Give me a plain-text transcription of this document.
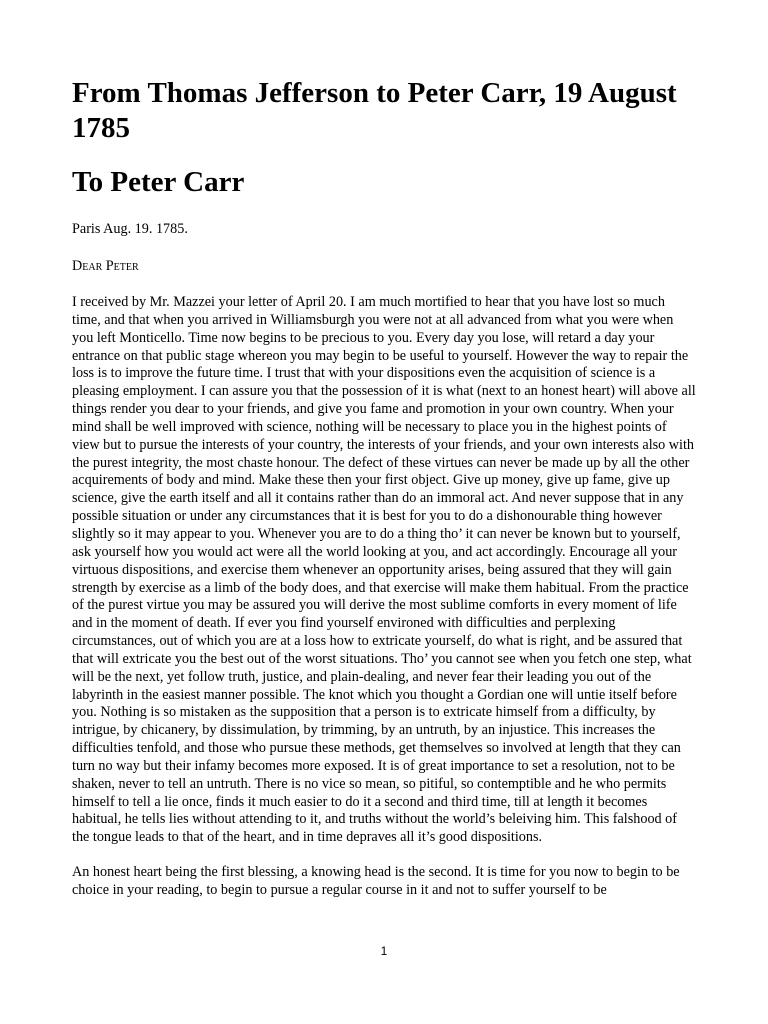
From Thomas Jefferson to Peter Carr, 19 August 1785
To Peter Carr

Paris Aug. 19. 1785.

Dear Peter

I received by Mr. Mazzei your letter of April 20. I am much mortified to hear that you have lost so much time, and that when you arrived in Williamsburgh you were not at all advanced from what you were when you left Monticello. Time now begins to be precious to you. Every day you lose, will retard a day your entrance on that public stage whereon you may begin to be useful to yourself. However the way to repair the loss is to improve the future time. I trust that with your dispositions even the acquisition of science is a pleasing employment. I can assure you that the possession of it is what (next to an honest heart) will above all things render you dear to your friends, and give you fame and promotion in your own country. When your mind shall be well improved with science, nothing will be necessary to place you in the highest points of view but to pursue the interests of your country, the interests of your friends, and your own interests also with the purest integrity, the most chaste honour. The defect of these virtues can never be made up by all the other acquirements of body and mind. Make these then your first object. Give up money, give up fame, give up science, give the earth itself and all it contains rather than do an immoral act. And never suppose that in any possible situation or under any circumstances that it is best for you to do a dishonourable thing however slightly so it may appear to you. Whenever you are to do a thing tho’ it can never be known but to yourself, ask yourself how you would act were all the world looking at you, and act accordingly. Encourage all your virtuous dispositions, and exercise them whenever an opportunity arises, being assured that they will gain strength by exercise as a limb of the body does, and that exercise will make them habitual. From the practice of the purest virtue you may be assured you will derive the most sublime comforts in every moment of life and in the moment of death. If ever you find yourself environed with difficulties and perplexing circumstances, out of which you are at a loss how to extricate yourself, do what is right, and be assured that that will extricate you the best out of the worst situations. Tho’ you cannot see when you fetch one step, what will be the next, yet follow truth, justice, and plain-dealing, and never fear their leading you out of the labyrinth in the easiest manner possible. The knot which you thought a Gordian one will untie itself before you. Nothing is so mistaken as the supposition that a person is to extricate himself from a difficulty, by intrigue, by chicanery, by dissimulation, by trimming, by an untruth, by an injustice. This increases the difficulties tenfold, and those who pursue these methods, get themselves so involved at length that they can turn no way but their infamy becomes more exposed. It is of great importance to set a resolution, not to be shaken, never to tell an untruth. There is no vice so mean, so pitiful, so contemptible and he who permits himself to tell a lie once, finds it much easier to do it a second and third time, till at length it becomes habitual, he tells lies without attending to it, and truths without the world’s beleiving him. This falshood of the tongue leads to that of the heart, and in time depraves all it’s good dispositions.

An honest heart being the first blessing, a knowing head is the second. It is time for you now to begin to be choice in your reading, to begin to pursue a regular course in it and not to suffer yourself to be

1
